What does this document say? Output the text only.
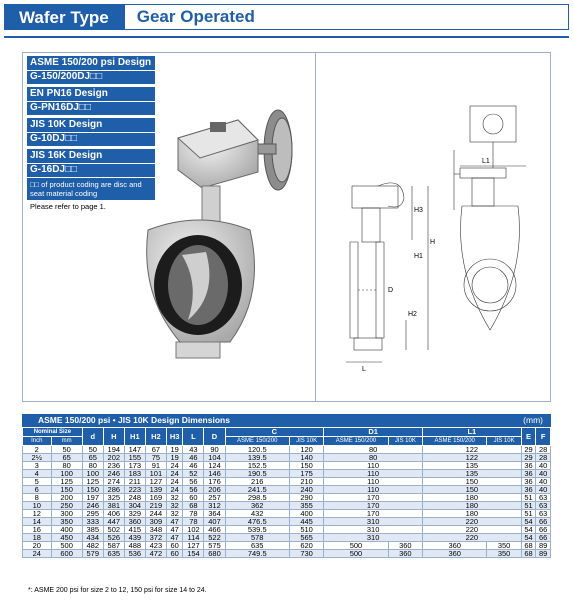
Wafer Type	Gear Operated
ASME 150/200 psi Design
G-150/200DJ□□
EN PN16 Design
G-PN16DJ□□
JIS 10K Design
G-10DJ□□
JIS 16K Design
G-16DJ□□
□□ of product coding are disc and seat material coding
Please refer to page 1.
L1
H3
H1
H
H2
D
L
ASME 150/200 psi • JIS 10K Design Dimensions	(mm)
Nominal Size		d	H	H1	H2	H3	L	D	C		D1		L1		E	F
Inch	mm								ASME 150/200	JIS 10K	ASME 150/200	JIS 10K	ASME 150/200	JIS 10K		
2	50	50	194	147	67	19	43	90	120.5	120	80		122		29	28
2½	65	65	202	155	75	19	46	104	139.5	140	80		122		29	28
3	80	80	236	173	91	24	46	124	152.5	150	110		135		36	40
4	100	100	246	183	101	24	52	146	190.5	175	110		135		36	40
5	125	125	274	211	127	24	56	176	216	210	110		150		36	40
6	150	150	286	223	139	24	56	206	241.5	240	110		150		36	40
8	200	197	325	248	169	32	60	257	298.5	290	170		180		51	63
10	250	246	381	304	219	32	68	312	362	355	170		180		51	63
12	300	295	406	329	244	32	78	364	432	400	170		180		51	63
14	350	333	447	360	309	47	78	407	476.5	445	310		220		54	66
16	400	385	502	415	348	47	102	466	539.5	510	310		220		54	66
18	450	434	526	439	372	47	114	522	578	565	310		220		54	66
20	500	482	587	488	423	60	127	575	635	620	500	360	360	350	68	89
24	600	579	635	536	472	60	154	680	749.5	730	500	360	360	350	68	89
*: ASME 200 psi for size 2 to 12, 150 psi for size 14 to 24.
